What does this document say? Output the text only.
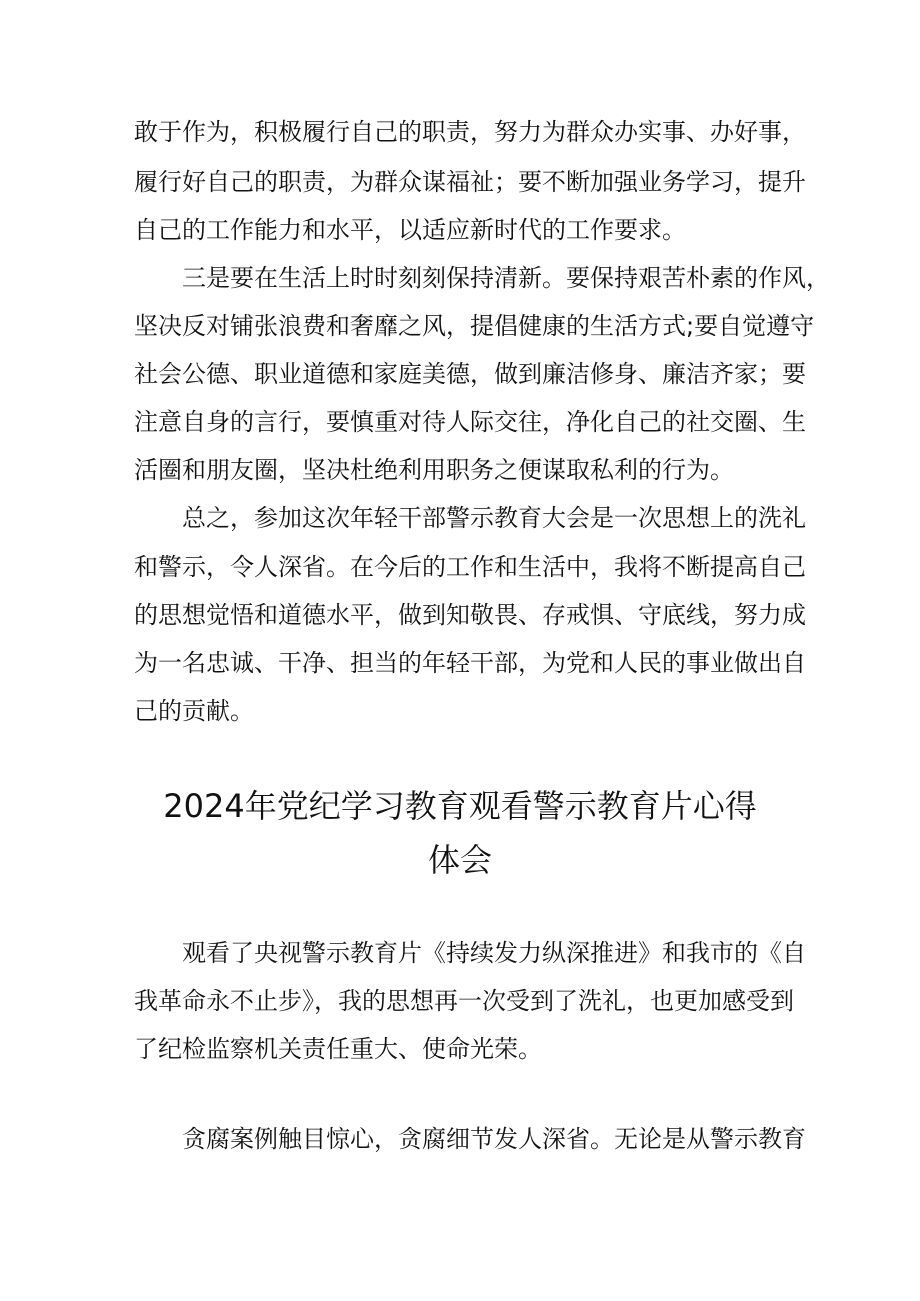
敢于作为，积极履行自己的职责，努力为群众办实事、办好事，
履行好自己的职责，为群众谋福祉；要不断加强业务学习，提升
自己的工作能力和水平，以适应新时代的工作要求。
三是要在生活上时时刻刻保持清新。要保持艰苦朴素的作风，
坚决反对铺张浪费和奢靡之风，提倡健康的生活方式;要自觉遵守
社会公德、职业道德和家庭美德，做到廉洁修身、廉洁齐家；要
注意自身的言行，要慎重对待人际交往，净化自己的社交圈、生
活圈和朋友圈，坚决杜绝利用职务之便谋取私利的行为。
总之，参加这次年轻干部警示教育大会是一次思想上的洗礼
和警示，令人深省。在今后的工作和生活中，我将不断提高自己
的思想觉悟和道德水平，做到知敬畏、存戒惧、守底线，努力成
为一名忠诚、干净、担当的年轻干部，为党和人民的事业做出自
己的贡献。
2024年党纪学习教育观看警示教育片心得
体会
观看了央视警示教育片《持续发力纵深推进》和我市的《自
我革命永不止步》，我的思想再一次受到了洗礼，也更加感受到
了纪检监察机关责任重大、使命光荣。
贪腐案例触目惊心，贪腐细节发人深省。无论是从警示教育
